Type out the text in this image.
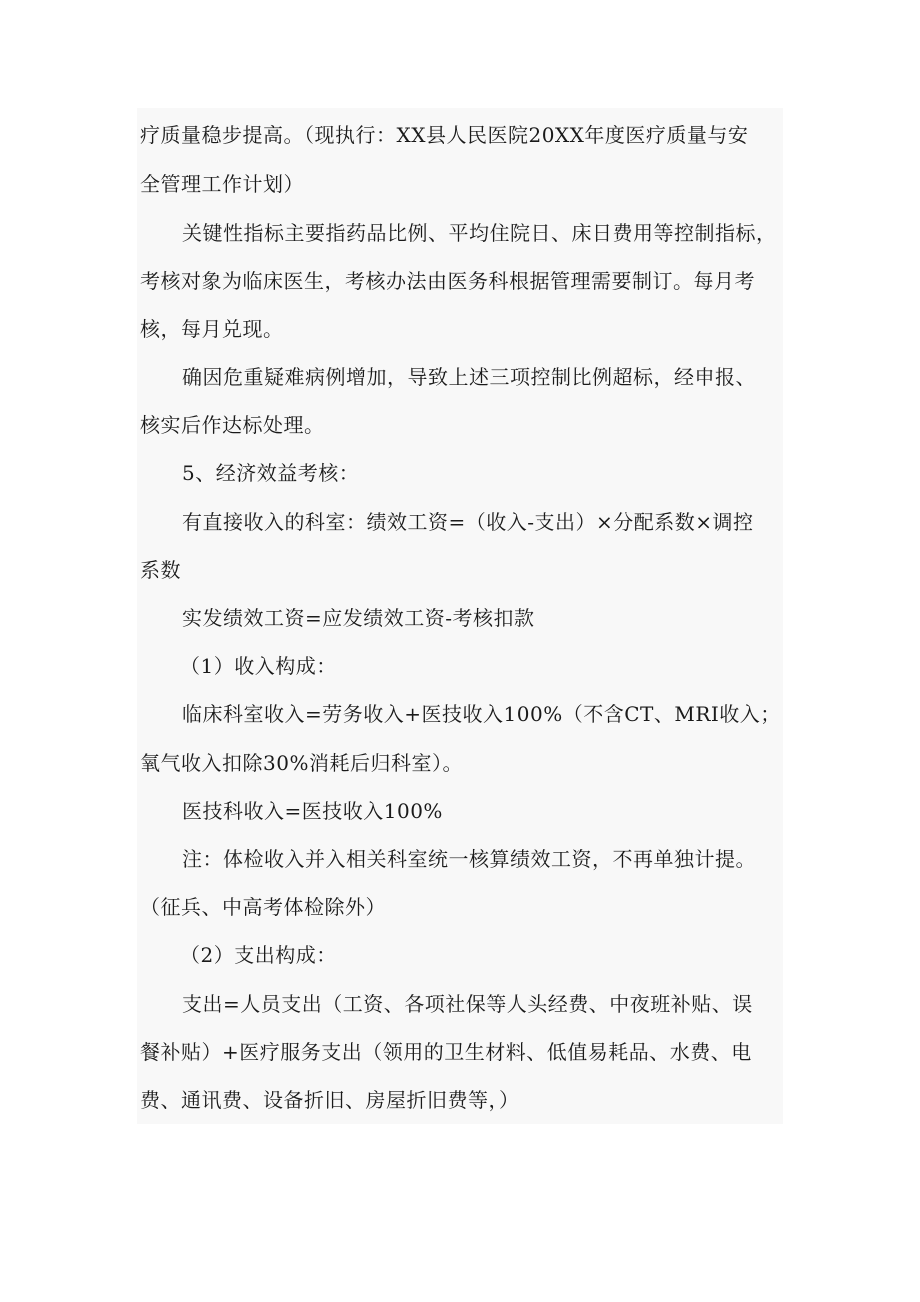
疗质量稳步提高。（现执行：XX县人民医院20XX年度医疗质量与安
全管理工作计划）
关键性指标主要指药品比例、平均住院日、床日费用等控制指标，
考核对象为临床医生，考核办法由医务科根据管理需要制订。每月考
核，每月兑现。
确因危重疑难病例增加，导致上述三项控制比例超标，经申报、
核实后作达标处理。
5、经济效益考核：
有直接收入的科室：绩效工资=（收入-支出）×分配系数×调控
系数
实发绩效工资=应发绩效工资-考核扣款
（1）收入构成：
临床科室收入=劳务收入+医技收入100%（不含CT、MRI收入；
氧气收入扣除30%消耗后归科室）。
医技科收入=医技收入100%
注：体检收入并入相关科室统一核算绩效工资，不再单独计提。
（征兵、中高考体检除外）
（2）支出构成：
支出=人员支出（工资、各项社保等人头经费、中夜班补贴、误
餐补贴）+医疗服务支出（领用的卫生材料、低值易耗品、水费、电
费、通讯费、设备折旧、房屋折旧费等，）
